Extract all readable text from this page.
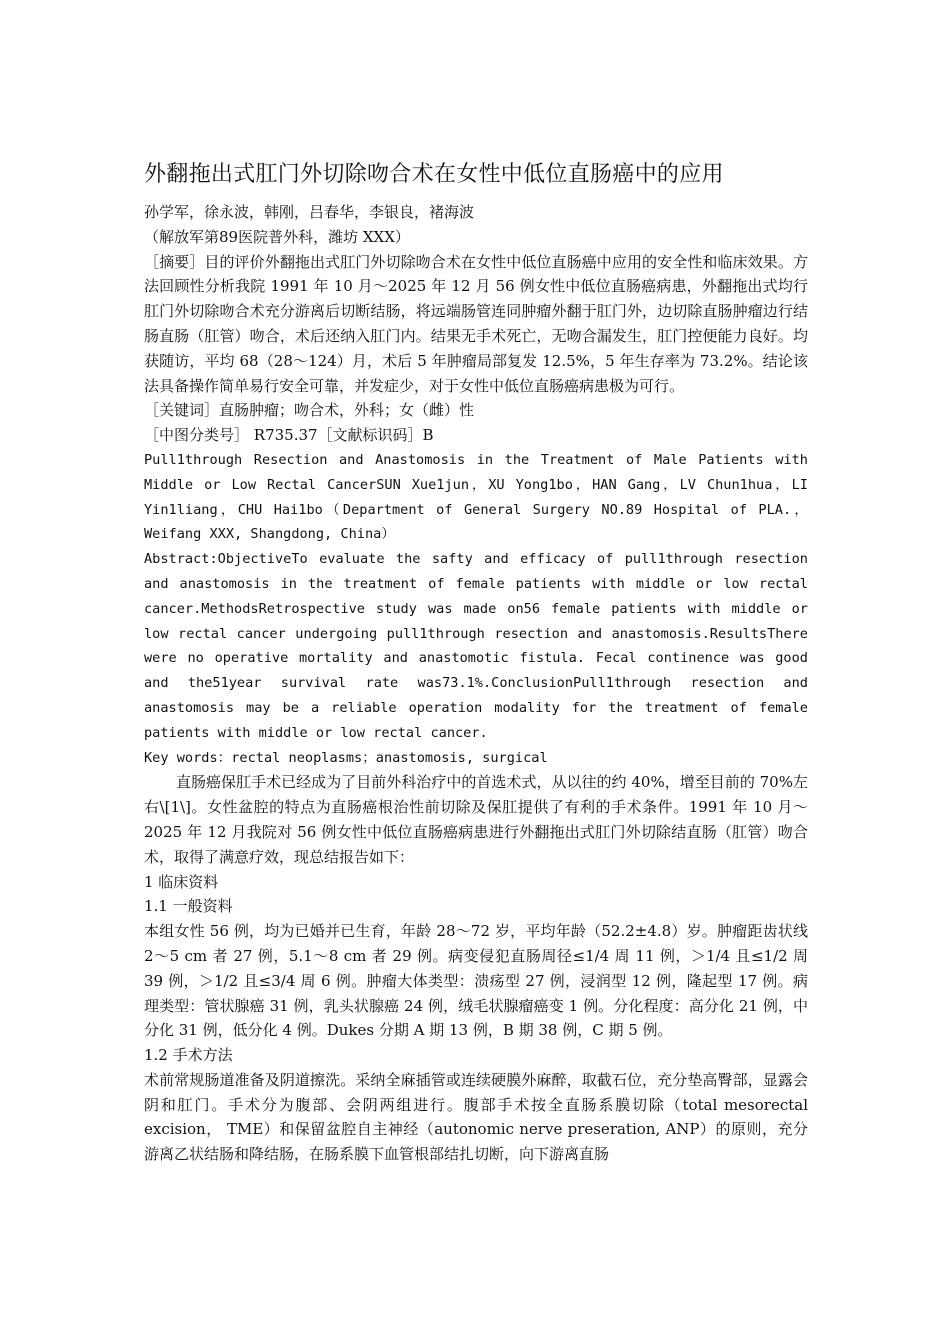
外翻拖出式肛门外切除吻合术在女性中低位直肠癌中的应用

孙学军，徐永波，韩刚，吕春华，李银良，褚海波

（解放军第89医院普外科，潍坊 XXX）

［摘要］目的评价外翻拖出式肛门外切除吻合术在女性中低位直肠癌中应用的安全性和临床效果。方法回顾性分析我院 1991 年 10 月～2025 年 12 月 56 例女性中低位直肠癌病患，外翻拖出式均行肛门外切除吻合术充分游离后切断结肠，将远端肠管连同肿瘤外翻于肛门外，边切除直肠肿瘤边行结肠直肠（肛管）吻合，术后还纳入肛门内。结果无手术死亡，无吻合漏发生，肛门控便能力良好。均获随访，平均 68（28～124）月，术后 5 年肿瘤局部复发 12.5%，5 年生存率为 73.2%。结论该法具备操作简单易行安全可靠，并发症少，对于女性中低位直肠癌病患极为可行。

［关键词］直肠肿瘤；吻合术，外科；女（雌）性

［中图分类号］ R735.37［文献标识码］B

Pull1through Resection and Anastomosis in the Treatment of Male Patients with Middle or Low Rectal CancerSUN Xue1jun，XU Yong1bo，HAN Gang，LV Chun1hua，LI Yin1liang，CHU Hai1bo（Department of General Surgery NO.89 Hospital of PLA.，Weifang XXX, Shangdong, China）

Abstract:ObjectiveTo evaluate the safty and efficacy of pull1through resection and anastomosis in the treatment of female patients with middle or low rectal cancer.MethodsRetrospective study was made on56 female patients with middle or low rectal cancer undergoing pull1through resection and anastomosis.ResultsThere were no operative mortality and anastomotic fistula. Fecal continence was good and the51year survival rate was73.1%.ConclusionPull1through resection and anastomosis may be a reliable operation modality for the treatment of female patients with middle or low rectal cancer.

Key words：rectal neoplasms；anastomosis, surgical

直肠癌保肛手术已经成为了目前外科治疗中的首选术式，从以往的约 40%，增至目前的 70%左右\[1\]。女性盆腔的特点为直肠癌根治性前切除及保肛提供了有利的手术条件。1991 年 10 月～2025 年 12 月我院对 56 例女性中低位直肠癌病患进行外翻拖出式肛门外切除结直肠（肛管）吻合术，取得了满意疗效，现总结报告如下：

1 临床资料

1.1 一般资料

本组女性 56 例，均为已婚并已生育，年龄 28～72 岁，平均年龄（52.2±4.8）岁。肿瘤距齿状线 2～5 cm 者 27 例，5.1～8 cm 者 29 例。病变侵犯直肠周径≤1/4 周 11 例，＞1/4 且≤1/2 周 39 例，＞1/2 且≤3/4 周 6 例。肿瘤大体类型：溃疡型 27 例，浸润型 12 例，隆起型 17 例。病理类型：管状腺癌 31 例，乳头状腺癌 24 例，绒毛状腺瘤癌变 1 例。分化程度：高分化 21 例，中分化 31 例，低分化 4 例。Dukes 分期 A 期 13 例，B 期 38 例，C 期 5 例。

1.2 手术方法

术前常规肠道准备及阴道擦洗。采纳全麻插管或连续硬膜外麻醉，取截石位，充分垫高臀部，显露会阴和肛门。手术分为腹部、会阴两组进行。腹部手术按全直肠系膜切除（total mesorectal excision， TME）和保留盆腔自主神经（autonomic nerve preseration, ANP）的原则，充分游离乙状结肠和降结肠，在肠系膜下血管根部结扎切断，向下游离直肠
